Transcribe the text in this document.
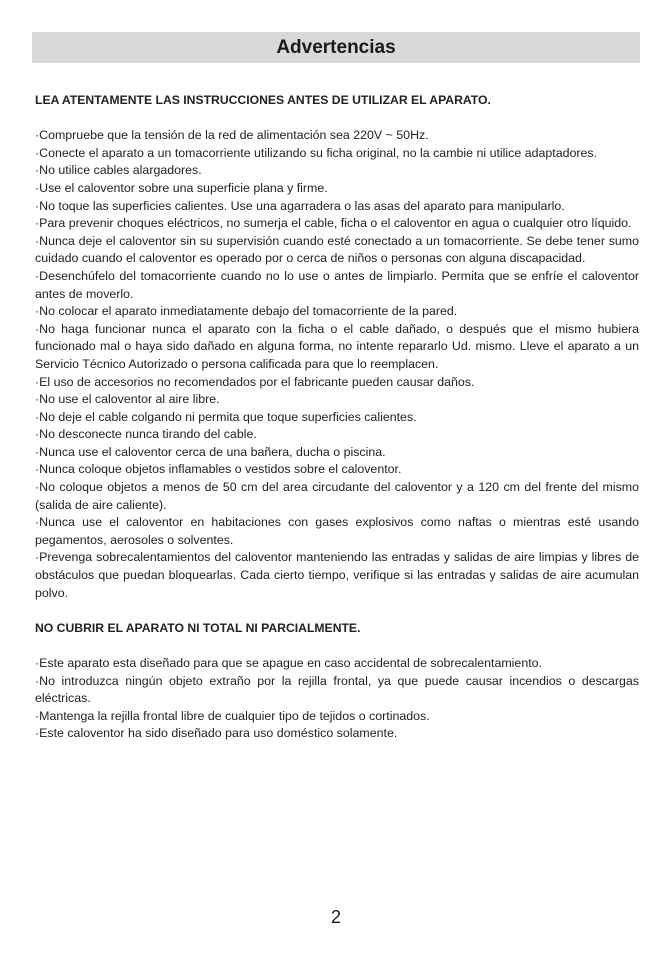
Advertencias

LEA ATENTAMENTE LAS INSTRUCCIONES ANTES DE UTILIZAR EL APARATO.

·Compruebe que la tensión de la red de alimentación sea 220V ~ 50Hz.
·Conecte el aparato a un tomacorriente utilizando su ficha original, no la cambie ni utilice adaptadores.
·No utilice cables alargadores.
·Use el caloventor sobre una superficie plana y firme.
·No toque las superficies calientes. Use una agarradera o las asas del aparato para manipularlo.
·Para prevenir choques eléctricos, no sumerja el cable, ficha o el caloventor en agua o cualquier otro líquido.
·Nunca deje el caloventor sin su supervisión cuando esté conectado a un tomacorriente. Se debe tener sumo cuidado cuando el caloventor es operado por o cerca de niños o personas con alguna discapacidad.
·Desenchúfelo del tomacorriente cuando no lo use o antes de limpiarlo. Permita que se enfríe el caloventor antes de moverlo.
·No colocar el aparato inmediatamente debajo del tomacorriente de la pared.
·No haga funcionar nunca el aparato con la ficha o el cable dañado, o después que el mismo hubiera funcionado mal o haya sido dañado en alguna forma, no intente repararlo Ud. mismo. Lleve el aparato a un Servicio Técnico Autorizado o persona calificada para que lo reemplacen.
·El uso de accesorios no recomendados por el fabricante pueden causar daños.
·No use el caloventor al aire libre.
·No deje el cable colgando ni permita que toque superficies calientes.
·No desconecte nunca tirando del cable.
·Nunca use el caloventor cerca de una bañera, ducha o piscina.
·Nunca coloque objetos inflamables o vestidos sobre el caloventor.
·No coloque objetos a menos de 50 cm del area circudante del caloventor y a 120 cm del frente del mismo (salida de aire caliente).
·Nunca use el caloventor en habitaciones con gases explosivos como naftas o mientras esté usando pegamentos, aerosoles o solventes.
·Prevenga sobrecalentamientos del caloventor manteniendo las entradas y salidas de aire limpias y libres de obstáculos que puedan bloquearlas. Cada cierto tiempo, verifique si las entradas y salidas de aire acumulan polvo.

NO CUBRIR EL APARATO NI TOTAL NI PARCIALMENTE.

·Este aparato esta diseñado para que se apague en caso accidental de sobrecalentamiento.
·No introduzca ningún objeto extraño por la rejilla frontal, ya que puede causar incendios o descargas eléctricas.
·Mantenga la rejilla frontal libre de cualquier tipo de tejidos o cortinados.
·Este caloventor ha sido diseñado para uso doméstico solamente.
2
